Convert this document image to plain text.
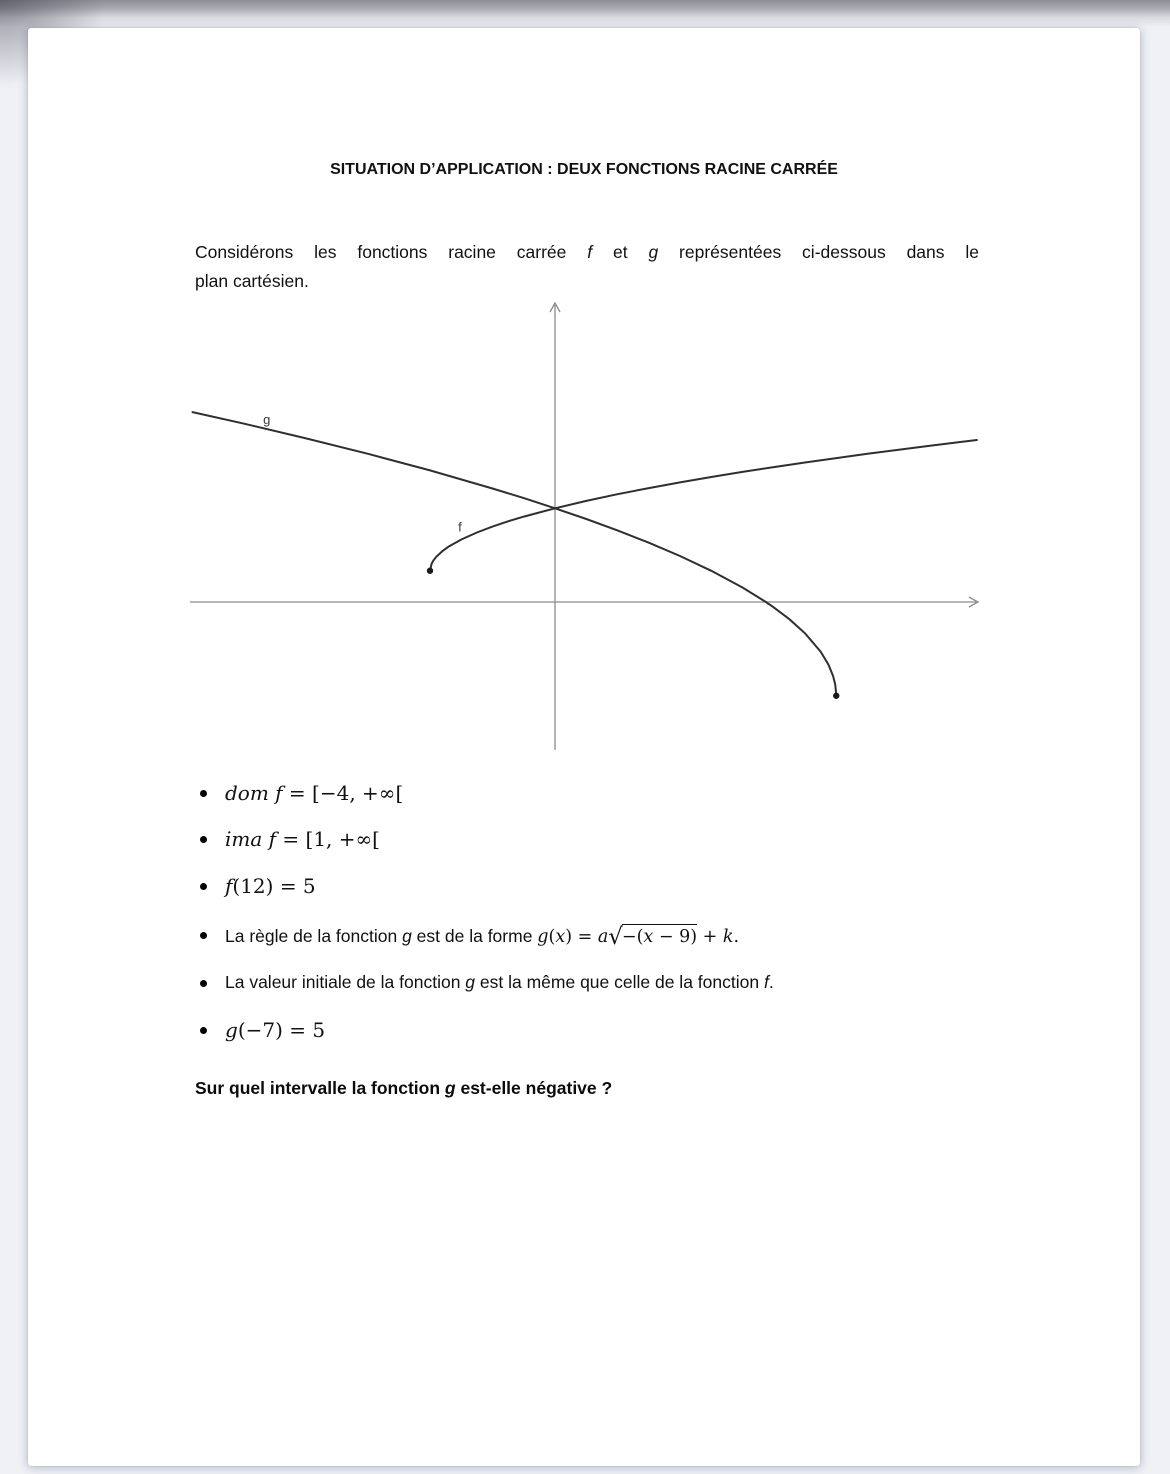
SITUATION D’APPLICATION : DEUX FONCTIONS RACINE CARRÉE
Considérons les fonctions racine carrée f et g représentées ci-dessous dans le
plan cartésien.
f
g
dom f = [−4, +∞[
ima f = [1, +∞[
f(12) = 5
La règle de la fonction g est de la forme g(x) = a√−(x − 9) + k.
La valeur initiale de la fonction g est la même que celle de la fonction f.
g(−7) = 5
Sur quel intervalle la fonction g est-elle négative ?
